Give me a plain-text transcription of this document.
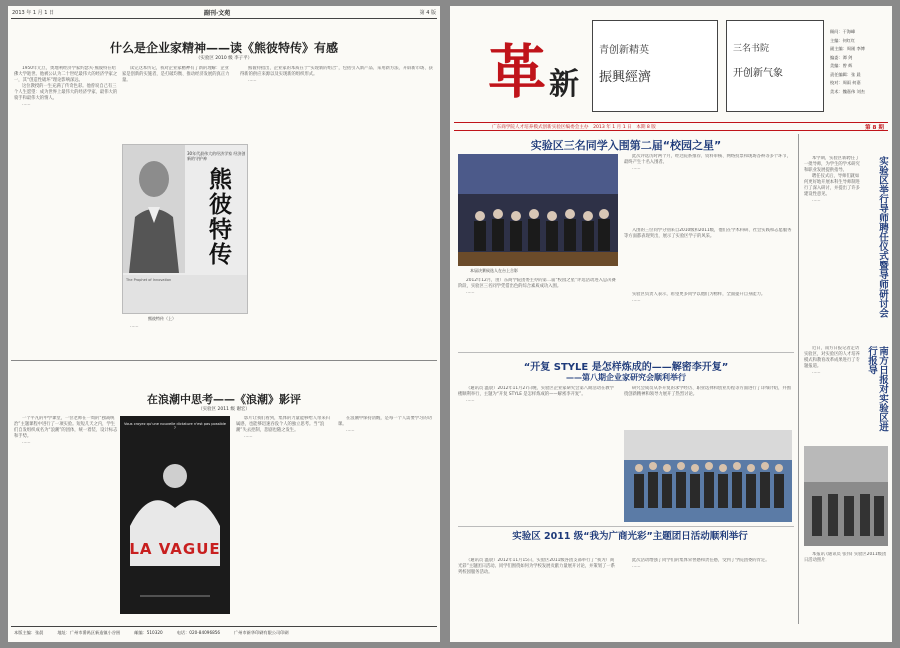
2013 年 1 月 1 日	副刊·文苑	第 4 版
什么是企业家精神——读《熊彼特传》有感
（实验区 2010 级 李子平）

1950年元旦，奥地利经济学家约瑟夫·熊彼特在哈佛大学逝世。他被公认为二十世纪最伟大的经济学家之一，其“创造性破坏”理论影响深远。

这位教授的一生充满了传奇色彩。他曾说自己有三个人生愿望：成为世界上最伟大的经济学家、最伟大的骑手和最伟大的情人。

……

30年代最伟大的经济学家 经济创新的守护神
熊彼特传
The Prophet of Innovation
熊彼特传（上）

读完这本传记，我对企业家精神有了新的理解：企业家是创新的实施者，是打破均衡、推动经济发展的真正力量。

……

熊彼特指出，企业家的本质在于“实现新的组合”，包括引入新产品、采用新方法、开辟新市场、获得新的供应来源以及实现新的组织形式。

……

在浪潮中思考——《浪潮》影评
（实验区 2011 级 谢宏）

一个平凡的中学课堂，一位老师在一周的“独裁统治”主题课程中进行了一项实验。短短几天之内，学生们自发组织成名为“浪潮”的团体，统一着装、设计标志和手势。

……

Vous croyez qu'une nouvelle dictature n'est pas possible ?
LA VAGUE

影片让我们看到，集体的力量能够给人带来归属感，也能够迅速吞没个人的独立思考。当“浪潮”失去控制，悲剧也随之发生。

……

在浪潮中保持清醒，是每一个人需要学习的功课。

……

本版主编：张晨	地址：广州市番禺区新造镇小谷围	邮编：510320	电话：020-84096856	广州市新华印刷有限公司印刷
革 新
青创新精英
振興經濟
三名书院
开创新气象
顾问：于海峰
主编：何红红
副主编：周刚 李博
编委：谭 剑
美编：曾 辉
责任编辑：张 晨
校对：周雨 何嘉
美术：魏嘉伟 刘杰
广东商学院人才培养模式创新实验区编委会主办　2013 年 1 月 1 日　本期 8 版	第 8 期
实验区三名同学入围第二届“校园之星”
本届决赛候选人在台上合影

2012年12月，由广东商学院团委主办的第二届“校园之星”评选活动进入总决赛阶段，实验区三名同学凭借出色的综合素质成功入围。

……

此次评选历时两个月，经过院系推荐、资料审核、网络投票和现场答辩等多个环节，最终产生十名入围者。

……

入围的三位同学分别来自2010级和2011级，他们在学术科研、社会实践和志愿服务等方面都表现突出，展示了实验区学子的风采。

实验区负责人表示，希望更多同学以他们为榜样，全面提升自身能力。

……

本学期，实验区新聘任了一批导师，为学生的学术研究和职业发展提供指导。

聘任仪式后，导师们就如何更好地开展本科生导师制进行了深入研讨，并提出了许多建设性意见。

……	实验区举行导师聘任仪式暨导师研讨会

近日，南方日报记者走访实验区，对实验区的人才培养模式和教育改革成果进行了专题报道。

……	南方日报对实验区进行报导
“开复 STYLE 是怎样炼成的——解密李开复”
——第八期企业家研究会顺利举行

（通讯员 温晨）2012年11月27日晚，实验区企业家研究会第八期活动在教学楼顺利举行，主题为“开复 STYLE 是怎样炼成的——解密李开复”。

……

研究会成员从李开复的求学经历、职业选择和创业历程等方面进行了详细介绍，并围绕创新精神和领导力展开了热烈讨论。

实验区 2011 级“我为广商光彩”主题团日活动顺利举行

（通讯员 温晨）2012年11月15日，实验区2011级各团支部举行了“我为广商光彩”主题团日活动。同学们围绕如何为学校发展贡献力量展开讨论，并策划了一系列校园服务活动。

此次活动增强了同学们的集体荣誉感和责任感，受到了学院团委的肯定。

……

本报讯 (通讯员 张伟) 实验区2011级团日活动照片
